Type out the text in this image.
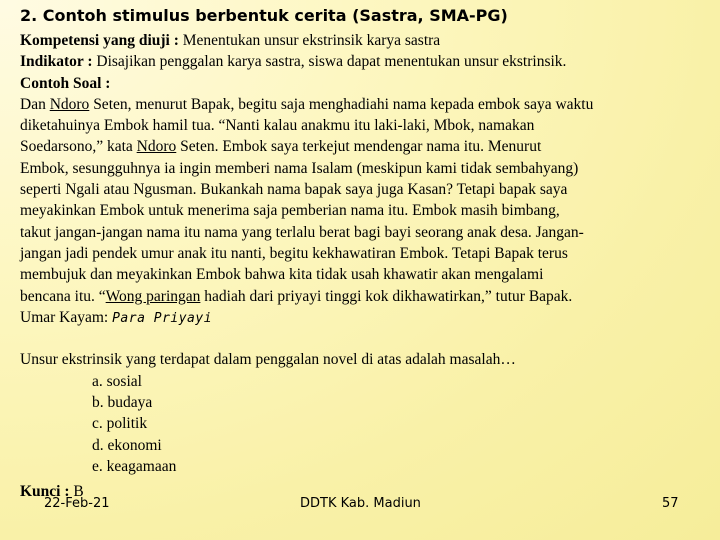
2. Contoh stimulus berbentuk cerita (Sastra, SMA-PG)
Kompetensi yang diuji : Menentukan unsur ekstrinsik karya sastra
Indikator : Disajikan penggalan karya sastra, siswa dapat menentukan unsur ekstrinsik.
Contoh Soal :
Dan Ndoro Seten, menurut Bapak, begitu saja menghadiahi nama kepada embok saya waktu
diketahuinya Embok hamil tua. “Nanti kalau anakmu itu laki-laki, Mbok, namakan
Soedarsono,” kata Ndoro Seten. Embok saya terkejut mendengar nama itu. Menurut
Embok, sesungguhnya ia ingin memberi nama Isalam (meskipun kami tidak sembahyang)
seperti Ngali atau Ngusman. Bukankah nama bapak saya juga Kasan? Tetapi bapak saya
meyakinkan Embok untuk menerima saja pemberian nama itu. Embok masih bimbang,
takut jangan-jangan nama itu nama yang terlalu berat bagi bayi seorang anak desa. Jangan-
jangan jadi pendek umur anak itu nanti, begitu kekhawatiran Embok. Tetapi Bapak terus
membujuk dan meyakinkan Embok bahwa kita tidak usah khawatir akan mengalami
bencana itu. “Wong paringan hadiah dari priyayi tinggi kok dikhawatirkan,” tutur Bapak.
Umar Kayam: Para Priyayi
Unsur ekstrinsik yang terdapat dalam penggalan novel di atas adalah masalah…
a. sosial
b. budaya
c. politik
d. ekonomi
e. keagamaan
Kunci : B
22-Feb-21	DDTK Kab. Madiun	57
